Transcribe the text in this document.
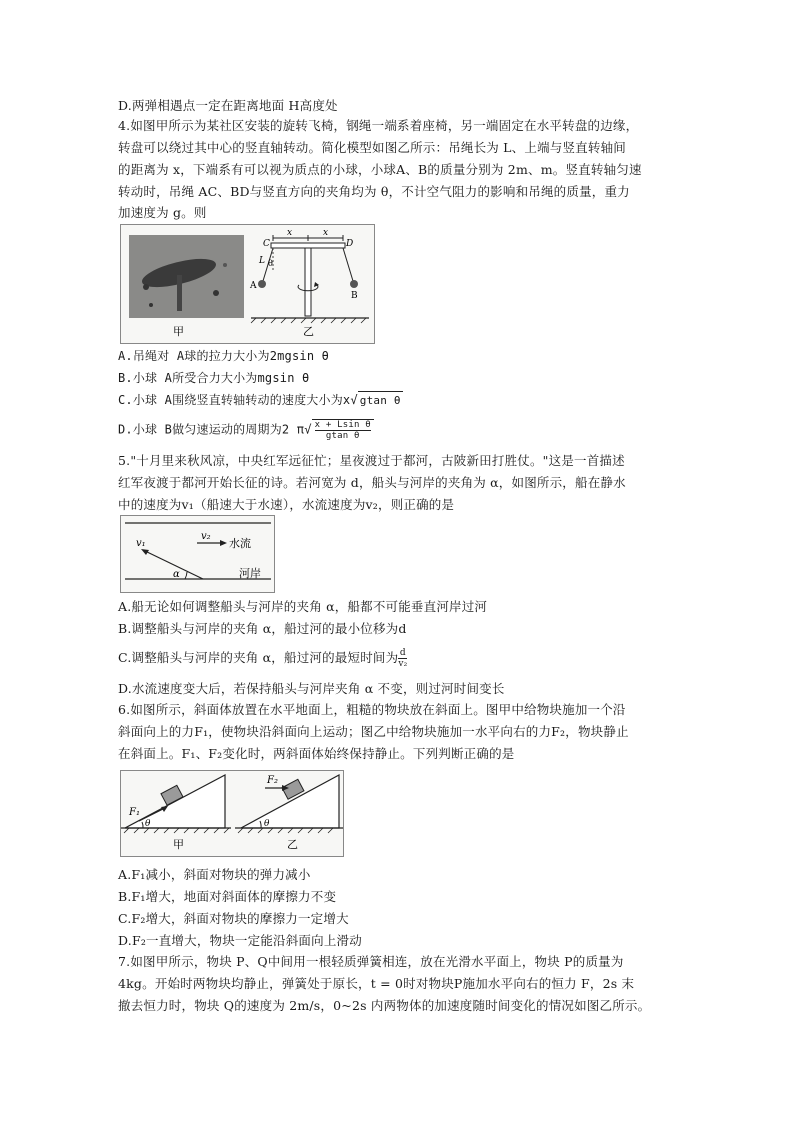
D.两弹相遇点一定在距离地面 H高度处
4.如图甲所示为某社区安装的旋转飞椅，钢绳一端系着座椅，另一端固定在水平转盘的边缘，
转盘可以绕过其中心的竖直轴转动。简化模型如图乙所示：吊绳长为 L、上端与竖直转轴间
的距离为 x，下端系有可以视为质点的小球，小球A、B的质量分别为 2m、m。竖直转轴匀速
转动时，吊绳 AC、BD与竖直方向的夹角均为 θ，不计空气阻力的影响和吊绳的质量，重力
加速度为 g。则
甲
x	x
C	D
L θ
A
B
乙
A.吊绳对 A球的拉力大小为2mgsin θ
B.小球 A所受合力大小为mgsin θ
C.小球 A围绕竖直转轴转动的速度大小为x√ gtan θ
D.小球 B做匀速运动的周期为2 $\pi√ \frac{\text{x + Lsin θ}}{\text{gtan θ}}$
5."十月里来秋风凉，中央红军远征忙；星夜渡过于都河，古陂新田打胜仗。"这是一首描述
红军夜渡于都河开始长征的诗。若河宽为 d，船头与河岸的夹角为 α，如图所示，船在静水
中的速度为v₁（船速大于水速），水流速度为v₂，则正确的是
v₁
v₂
水流
α	河岸
A.船无论如何调整船头与河岸的夹角 α，船都不可能垂直河岸过河
B.调整船头与河岸的夹角 α，船过河的最小位移为d
C.调整船头与河岸的夹角 α，船过河的最短时间为 $\frac{d}{\text{v₂}}$
D.水流速度变大后，若保持船头与河岸夹角 α 不变，则过河时间变长
6.如图所示，斜面体放置在水平地面上，粗糙的物块放在斜面上。图甲中给物块施加一个沿
斜面向上的力F₁，使物块沿斜面向上运动；图乙中给物块施加一水平向右的力F₂，物块静止
在斜面上。F₁、F₂变化时，两斜面体始终保持静止。下列判断正确的是
F₁
θ
甲
F₂
θ
乙
A.F₁减小，斜面对物块的弹力减小
B.F₁增大，地面对斜面体的摩擦力不变
C.F₂增大，斜面对物块的摩擦力一定增大
D.F₂一直增大，物块一定能沿斜面向上滑动
7.如图甲所示，物块 P、Q中间用一根轻质弹簧相连，放在光滑水平面上，物块 P的质量为
4kg。开始时两物块均静止，弹簧处于原长，t = 0时对物块P施加水平向右的恒力 F，2s 末
撤去恒力时，物块 Q的速度为 2m/s，0~2s 内两物体的加速度随时间变化的情况如图乙所示。
